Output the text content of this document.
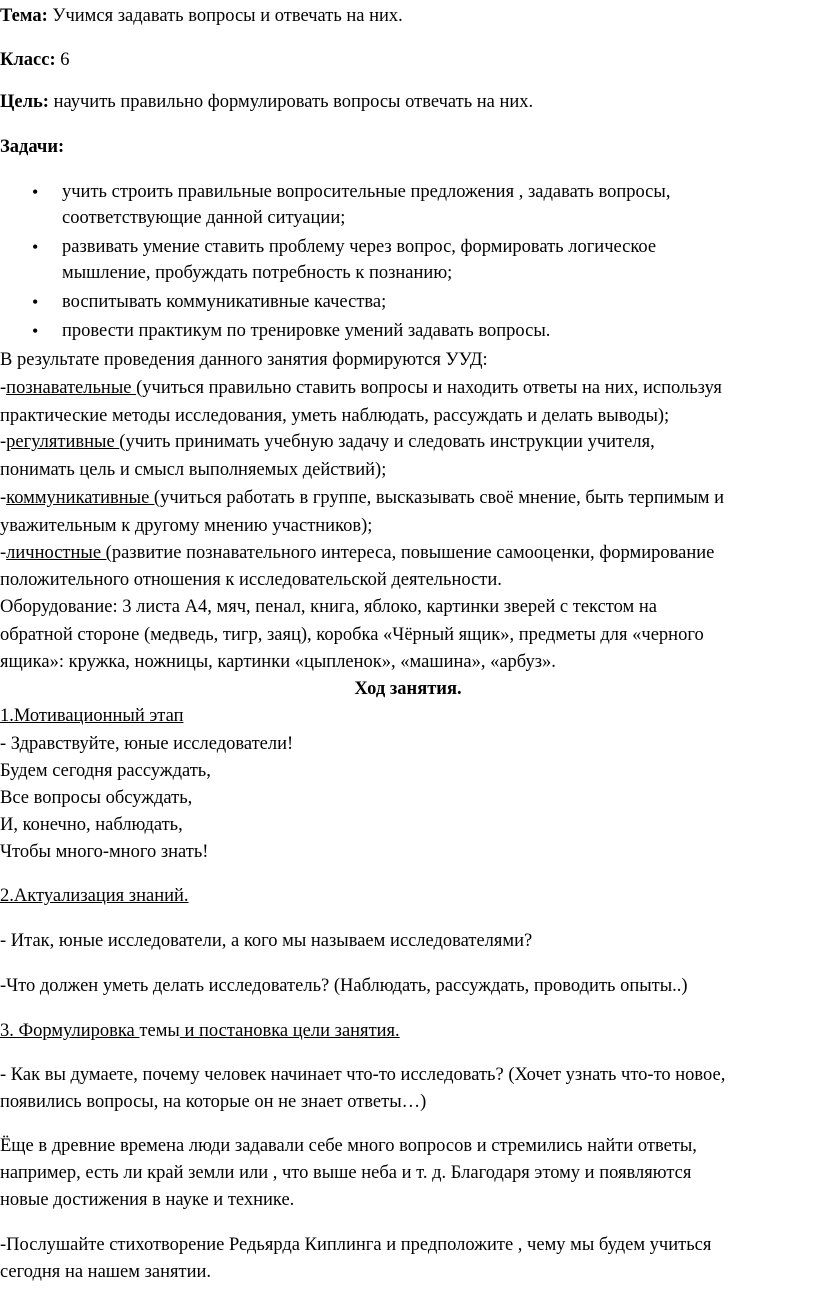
Тема: Учимся задавать вопросы и отвечать на них.
Класс: 6
Цель: научить правильно формулировать вопросы отвечать на них.
Задачи:
• учить строить правильные вопросительные предложения , задавать вопросы,
соответствующие данной ситуации;
• развивать умение ставить проблему через вопрос, формировать логическое
мышление, пробуждать потребность к познанию;
• воспитывать коммуникативные качества;
• провести практикум по тренировке умений задавать вопросы.
В результате проведения данного занятия формируются УУД:
-познавательные (учиться правильно ставить вопросы и находить ответы на них, используя
практические методы исследования, уметь наблюдать, рассуждать и делать выводы);
-регулятивные (учить принимать учебную задачу и следовать инструкции учителя,
понимать цель и смысл выполняемых действий);
-коммуникативные (учиться работать в группе, высказывать своё мнение, быть терпимым и
уважительным к другому мнению участников);
-личностные (развитие познавательного интереса, повышение самооценки, формирование
положительного отношения к исследовательской деятельности.
Оборудование: 3 листа А4, мяч, пенал, книга, яблоко, картинки зверей с текстом на
обратной стороне (медведь, тигр, заяц), коробка «Чёрный ящик», предметы для «черного
ящика»: кружка, ножницы, картинки «цыпленок», «машина», «арбуз».
Ход занятия.
1.Мотивационный этап
- Здравствуйте, юные исследователи!
Будем сегодня рассуждать,
Все вопросы обсуждать,
И, конечно, наблюдать,
Чтобы много-много знать!
2.Актуализация знаний.
- Итак, юные исследователи, а кого мы называем исследователями?
-Что должен уметь делать исследователь? (Наблюдать, рассуждать, проводить опыты..)
3. Формулировка темы и постановка цели занятия.
- Как вы думаете, почему человек начинает что-то исследовать? (Хочет узнать что-то новое,
появились вопросы, на которые он не знает ответы…)
Ёще в древние времена люди задавали себе много вопросов и стремились найти ответы,
например, есть ли край земли или , что выше неба и т. д. Благодаря этому и появляются
новые достижения в науке и технике.
-Послушайте стихотворение Редьярда Киплинга и предположите , чему мы будем учиться
сегодня на нашем занятии.
